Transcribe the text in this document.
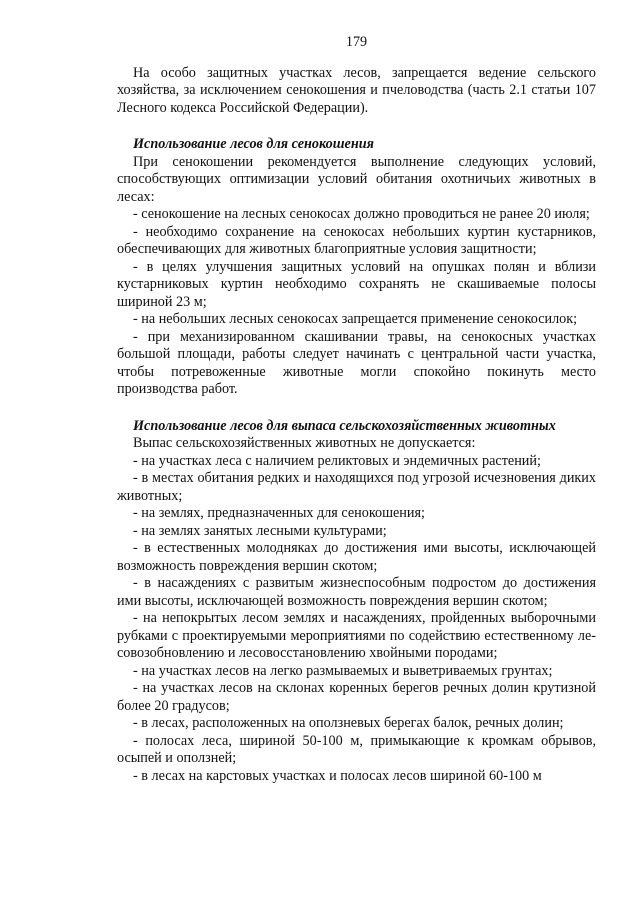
179

На особо защитных участках лесов, запрещается ведение сельского хозяйства, за исключением сенокошения и пчеловодства (часть 2.1 статьи 107 Лесного кодекса Российской Федерации).

Использование лесов для сенокошения

При сенокошении рекомендуется выполнение следующих условий, способствующих оптимизации условий обитания охотничьих животных в лесах:

- сенокошение на лесных сенокосах должно проводиться не ранее 20 июля;

- необходимо сохранение на сенокосах небольших куртин кустарников, обеспечивающих для животных благоприятные условия защитности;

- в целях улучшения защитных условий на опушках полян и вблизи кустарниковых куртин необходимо сохранять не скашиваемые полосы шириной 23 м;

- на небольших лесных сенокосах запрещается применение сенокосилок;

- при механизированном скашивании травы, на сенокосных участках большой площади, работы следует начинать с центральной части участка, чтобы потревоженные животные могли спокойно покинуть место производства работ.

Использование лесов для выпаса сельскохозяйственных животных

Выпас сельскохозяйственных животных не допускается:

- на участках леса с наличием реликтовых и эндемичных растений;

- в местах обитания редких и находящихся под угрозой исчезновения диких животных;

- на землях, предназначенных для сенокошения;

- на землях занятых лесными культурами;

- в естественных молодняках до достижения ими высоты, исключающей возможность повреждения вершин скотом;

- в насаждениях с развитым жизнеспособным подростом до достижения ими высоты, исключающей возможность повреждения вершин скотом;

- на непокрытых лесом землях и насаждениях, пройденных выборочными рубками с проектируемыми мероприятиями по содействию естественному ле-совозобновлению и лесовосстановлению хвойными породами;

- на участках лесов на легко размываемых и выветриваемых грунтах;

- на участках лесов на склонах коренных берегов речных долин крутизной более 20 градусов;

- в лесах, расположенных на оползневых берегах балок, речных долин;

- полосах леса, шириной 50-100 м, примыкающие к кромкам обрывов, осыпей и оползней;

- в лесах на карстовых участках и полосах лесов шириной 60-100 м
